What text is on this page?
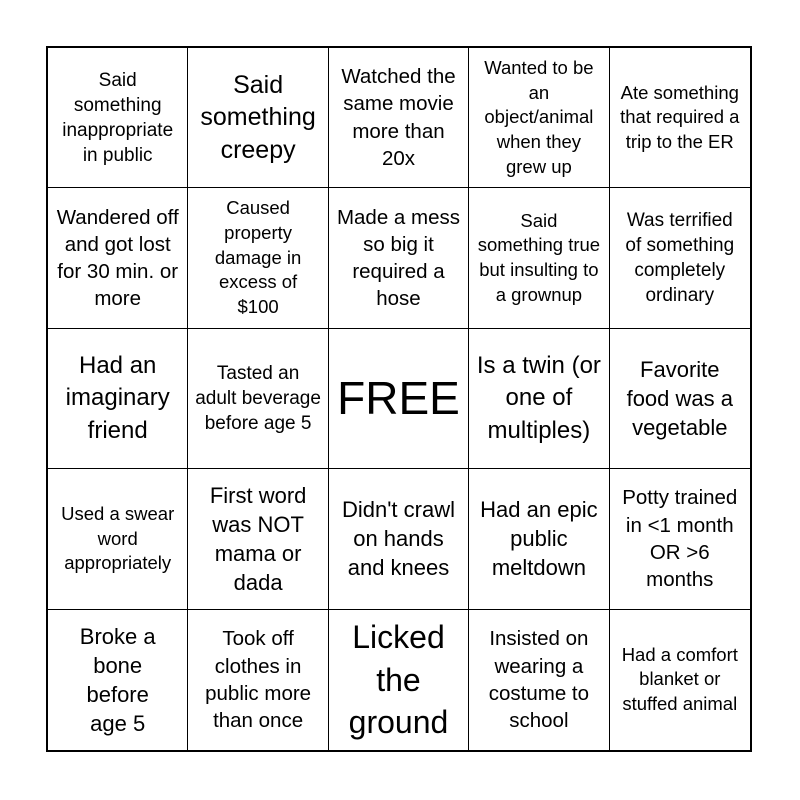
Said something inappropriate in public
Said something creepy
Watched the same movie more than 20x
Wanted to be an object/animal when they grew up
Ate something that required a trip to the ER
Wandered off and got lost for 30 min. or more
Caused property damage in excess of $100
Made a mess so big it required a hose
Said something true but insulting to a grownup
Was terrified of something completely ordinary
Had an imaginary friend
Tasted an adult beverage before age 5 FREE
Is a twin (or one of multiples)
Favorite food was a vegetable
Used a swear word appropriately
First word was NOT mama or dada
Didn't crawl on hands and knees
Had an epic public meltdown
Potty trained in <1 month OR >6 months
Broke a bone before age 5
Took off clothes in public more than once
Licked the ground
Insisted on wearing a costume to school
Had a comfort blanket or stuffed animal
